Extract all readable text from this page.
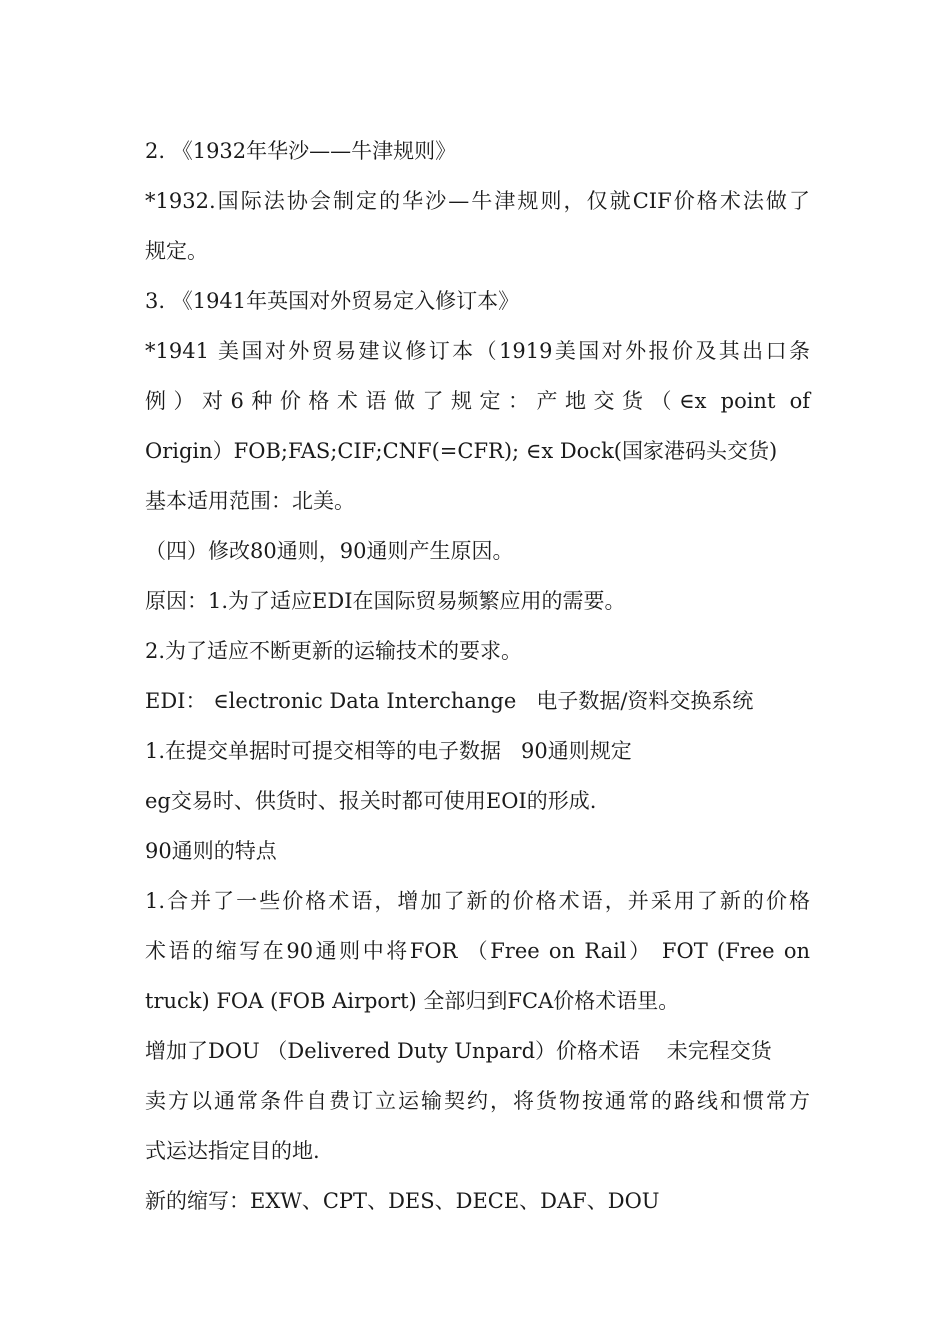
2. 《1932年华沙——牛津规则》
*1932.国际法协会制定的华沙—牛津规则，仅就CIF价格术法做了
规定。
3. 《1941年英国对外贸易定入修订本》
*1941 美国对外贸易建议修订本（1919美国对外报价及其出口条
例）对6种价格术语做了规定：产地交货（∈x point of
Origin）FOB;FAS;CIF;CNF(=CFR); ∈x Dock(国家港码头交货)
基本适用范围：北美。
（四）修改80通则，90通则产生原因。
原因：1.为了适应EDI在国际贸易频繁应用的需要。
2.为了适应不断更新的运输技术的要求。
EDI： ∈lectronic Data Interchange   电子数据/资料交换系统
1.在提交单据时可提交相等的电子数据   90通则规定
eg交易时、供货时、报关时都可使用EOI的形成.
90通则的特点
1.合并了一些价格术语，增加了新的价格术语，并采用了新的价格
术语的缩写在90通则中将FOR （Free on Rail） FOT (Free on
truck) FOA (FOB Airport) 全部归到FCA价格术语里。
增加了DOU （Delivered Duty Unpard）价格术语    未完程交货
卖方以通常条件自费订立运输契约，将货物按通常的路线和惯常方
式运达指定目的地.
新的缩写：EXW、CPT、DES、DECE、DAF、DOU
